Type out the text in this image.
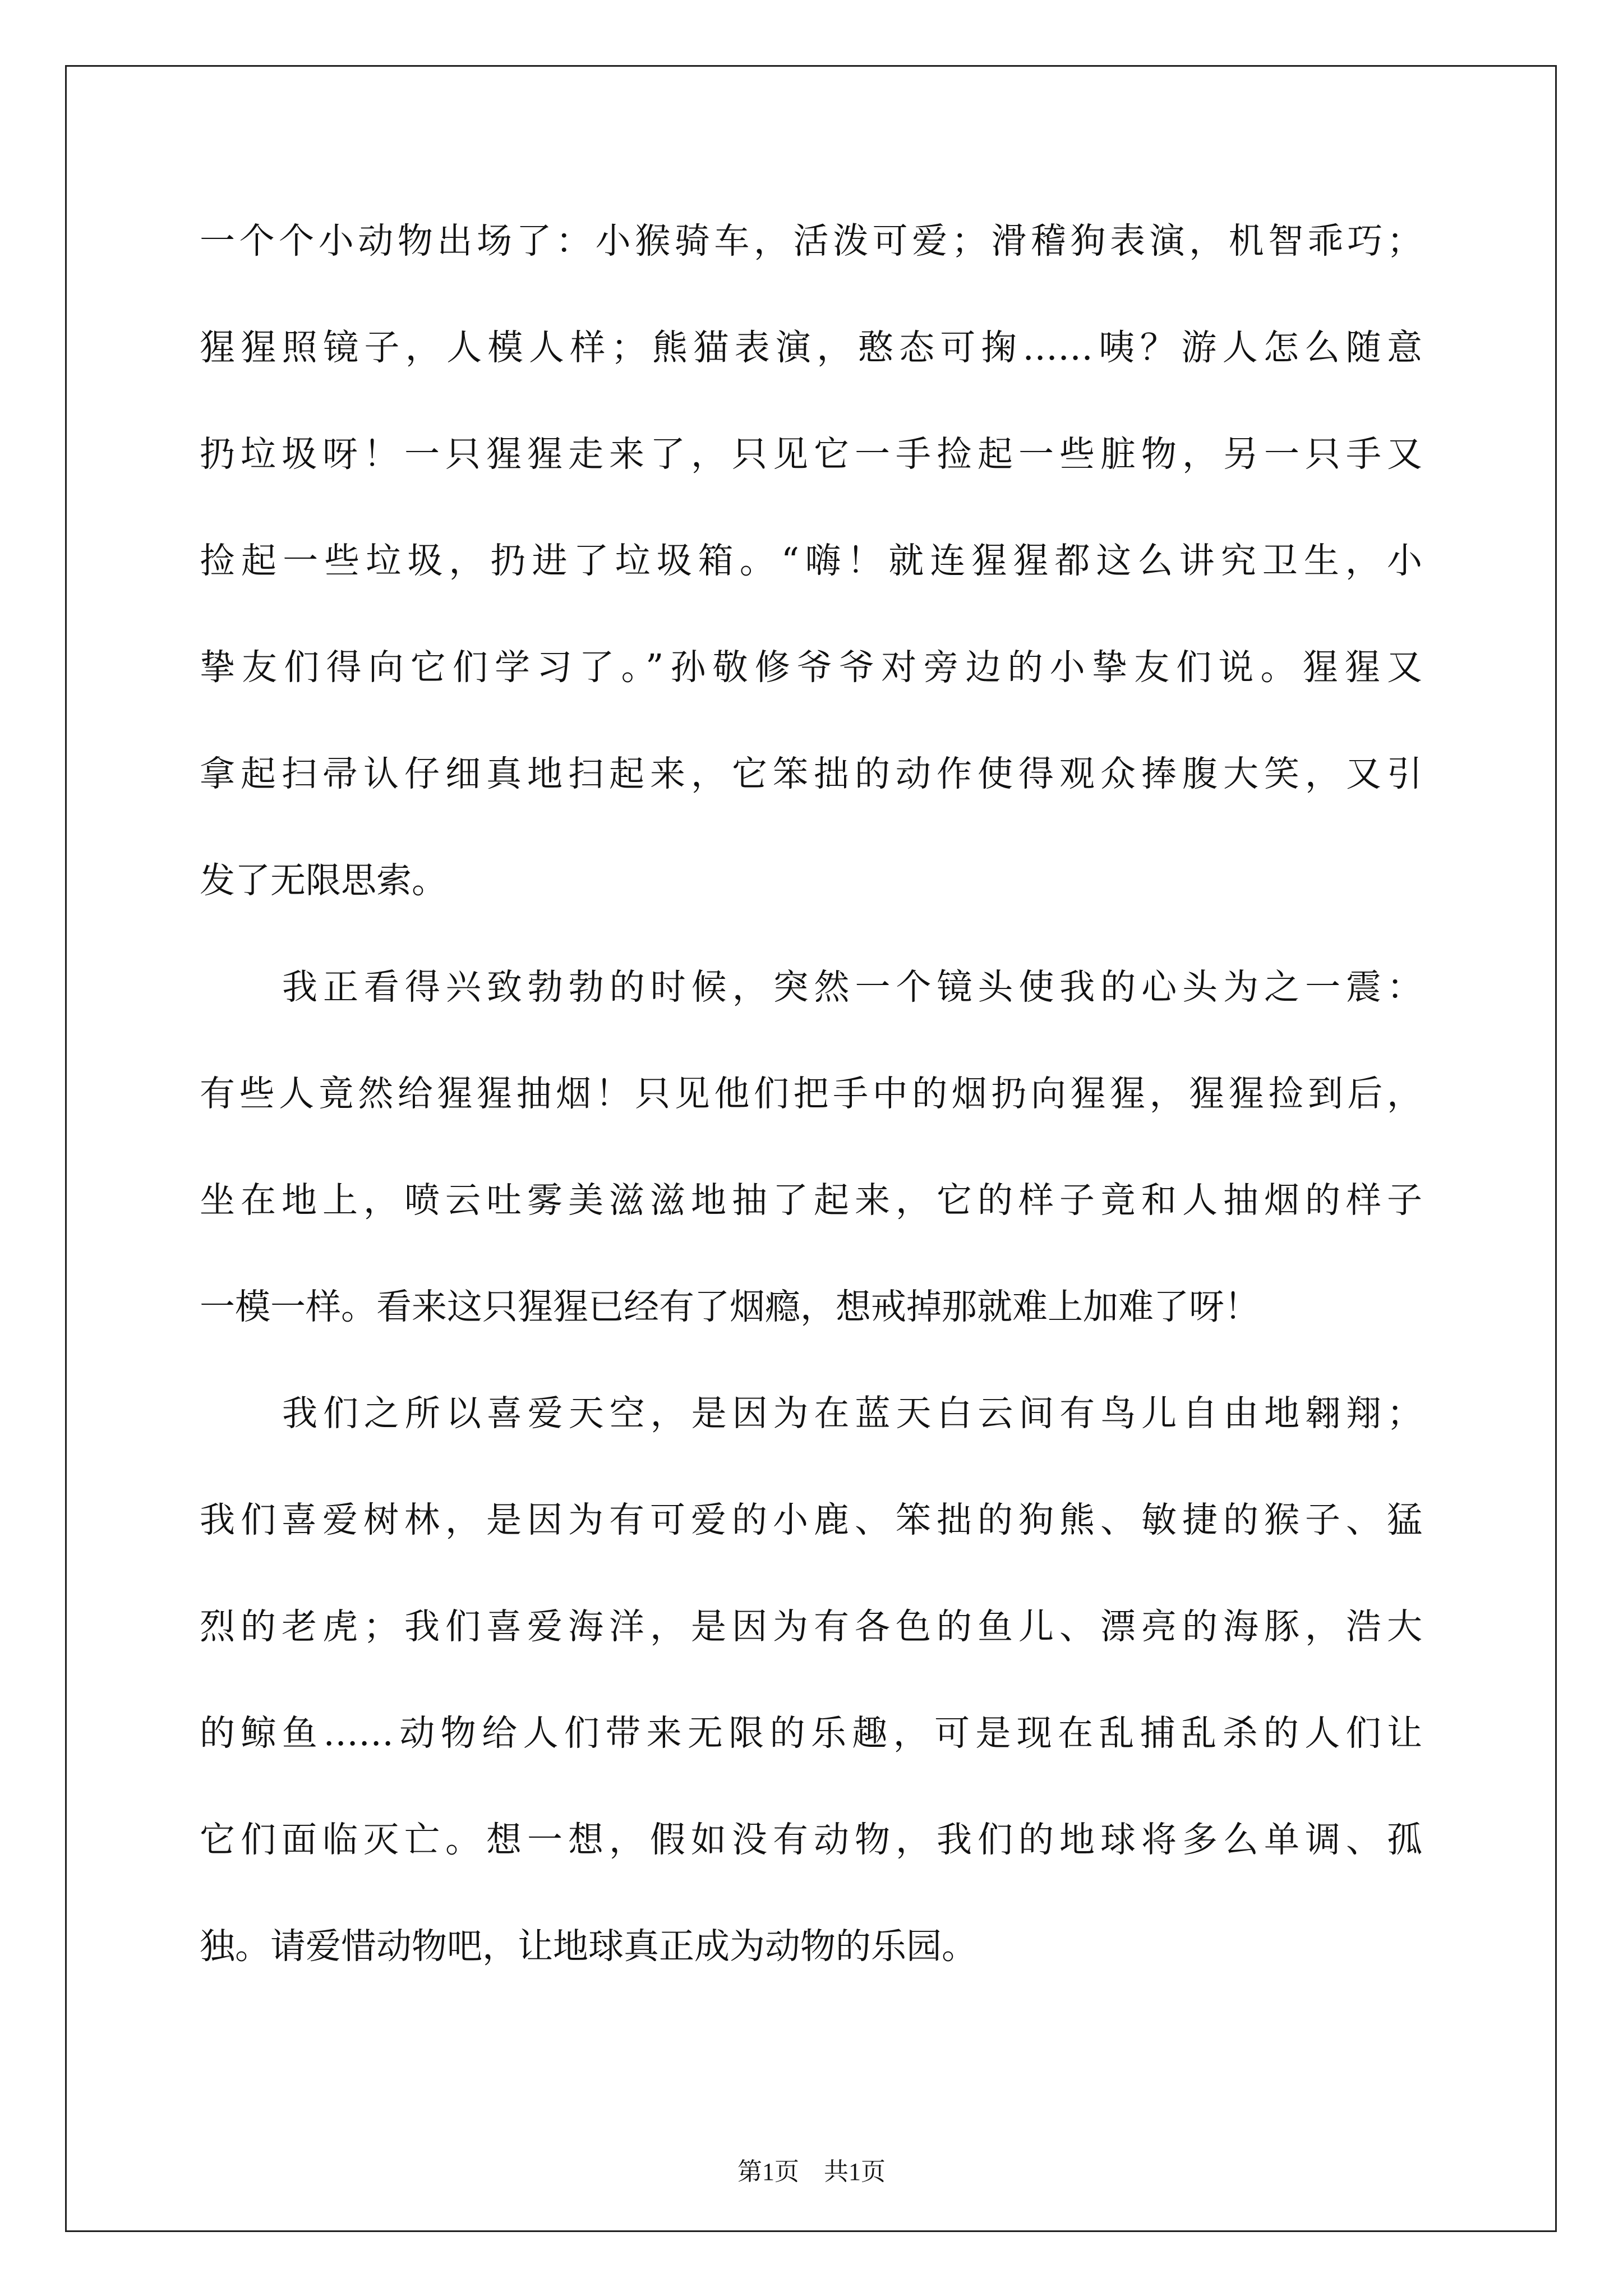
一个个小动物出场了：小猴骑车，活泼可爱；滑稽狗表演，机智乖巧；
猩猩照镜子，人模人样；熊猫表演，憨态可掬……咦？游人怎么随意
扔垃圾呀！一只猩猩走来了，只见它一手捡起一些脏物，另一只手又
捡起一些垃圾，扔进了垃圾箱。“嗨！就连猩猩都这么讲究卫生，小
挚友们得向它们学习了。”孙敬修爷爷对旁边的小挚友们说。猩猩又
拿起扫帚认仔细真地扫起来，它笨拙的动作使得观众捧腹大笑，又引
发了无限思索。
我正看得兴致勃勃的时候，突然一个镜头使我的心头为之一震：
有些人竟然给猩猩抽烟！只见他们把手中的烟扔向猩猩，猩猩捡到后，
坐在地上，喷云吐雾美滋滋地抽了起来，它的样子竟和人抽烟的样子
一模一样。看来这只猩猩已经有了烟瘾，想戒掉那就难上加难了呀！
我们之所以喜爱天空，是因为在蓝天白云间有鸟儿自由地翱翔；
我们喜爱树林，是因为有可爱的小鹿、笨拙的狗熊、敏捷的猴子、猛
烈的老虎；我们喜爱海洋，是因为有各色的鱼儿、漂亮的海豚，浩大
的鲸鱼……动物给人们带来无限的乐趣，可是现在乱捕乱杀的人们让
它们面临灭亡。想一想，假如没有动物，我们的地球将多么单调、孤
独。请爱惜动物吧，让地球真正成为动物的乐园。
第1页　共1页
